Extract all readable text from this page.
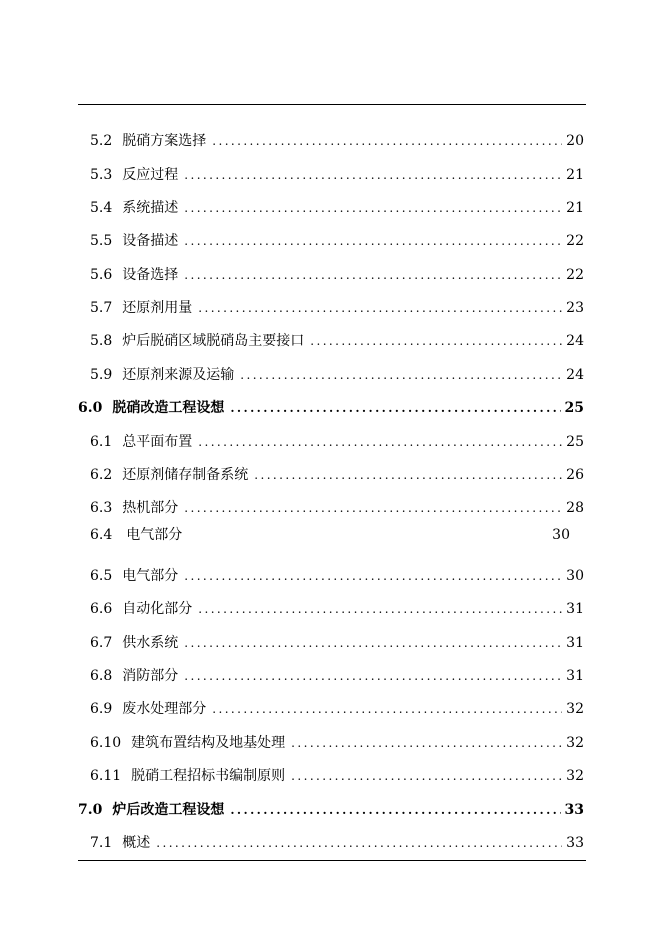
5.2 脱硝方案选择 .....	20
5.3 反应过程 .....	21
5.4 系统描述 .....	21
5.5 设备描述 .....	22
5.6 设备选择 .....	22
5.7 还原剂用量 .....	23
5.8 炉后脱硝区域脱硝岛主要接口 .....	24
5.9 还原剂来源及运输 .....	24
6.0 脱硝改造工程设想 .....	25
6.1 总平面布置 .....	25
6.2 还原剂储存制备系统 .....	26
6.3 热机部分 .....	28
6.4 电气部分	30
6.5 电气部分 .....	30
6.6 自动化部分 .....	31
6.7 供水系统 .....	31
6.8 消防部分 .....	31
6.9 废水处理部分 .....	32
6.10 建筑布置结构及地基处理 .....	32
6.11 脱硝工程招标书编制原则 .....	32
7.0 炉后改造工程设想 .....	33
7.1 概述 .....	33
